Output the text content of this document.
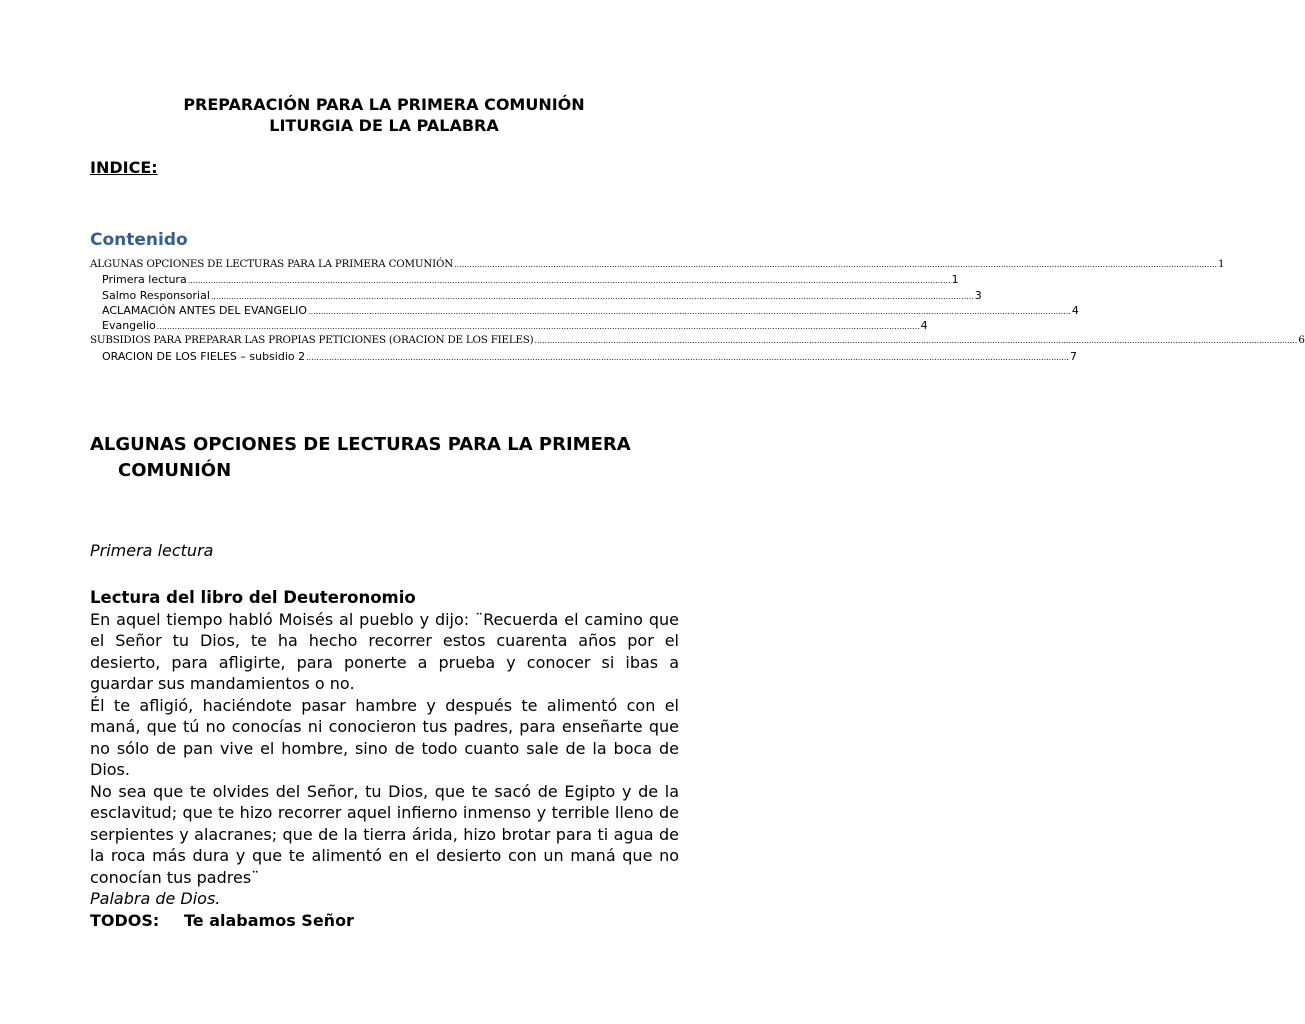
PREPARACIÓN PARA LA PRIMERA COMUNIÓN
LITURGIA DE LA PALABRA
INDICE:
Contenido
ALGUNAS OPCIONES DE LECTURAS PARA LA PRIMERA COMUNIÓN ............................................................................................................................................................................................................................................................................................................ 1
Primera lectura ............................................................................................................................................................................................................................................................................................................ 1
Salmo Responsorial ............................................................................................................................................................................................................................................................................................................ 3
ACLAMACIÓN ANTES DEL EVANGELIO ............................................................................................................................................................................................................................................................................................................ 4
Evangelio ............................................................................................................................................................................................................................................................................................................ 4
SUBSIDIOS PARA PREPARAR LAS PROPIAS PETICIONES (ORACION DE LOS FIELES) ............................................................................................................................................................................................................................................................................................................ 6
ORACION DE LOS FIELES – subsidio 2 ............................................................................................................................................................................................................................................................................................................ 7
ALGUNAS OPCIONES DE LECTURAS PARA LA PRIMERA COMUNIÓN
Primera lectura
Lectura del libro del Deuteronomio
En aquel tiempo habló Moisés al pueblo y dijo: ¨Recuerda el camino que el Señor tu Dios, te ha hecho recorrer estos cuarenta años por el desierto, para afligirte, para ponerte a prueba y conocer si ibas a guardar sus mandamientos o no.
Él te afligió, haciéndote pasar hambre y después te alimentó con el maná, que tú no conocías ni conocieron tus padres, para enseñarte que no sólo de pan vive el hombre, sino de todo cuanto sale de la boca de Dios.
No sea que te olvides del Señor, tu Dios, que te sacó de Egipto y de la esclavitud; que te hizo recorrer aquel infierno inmenso y terrible lleno de serpientes y alacranes; que de la tierra árida, hizo brotar para ti agua de la roca más dura y que te alimentó en el desierto con un maná que no conocían tus padres¨
Palabra de Dios.
TODOS: Te alabamos Señor
